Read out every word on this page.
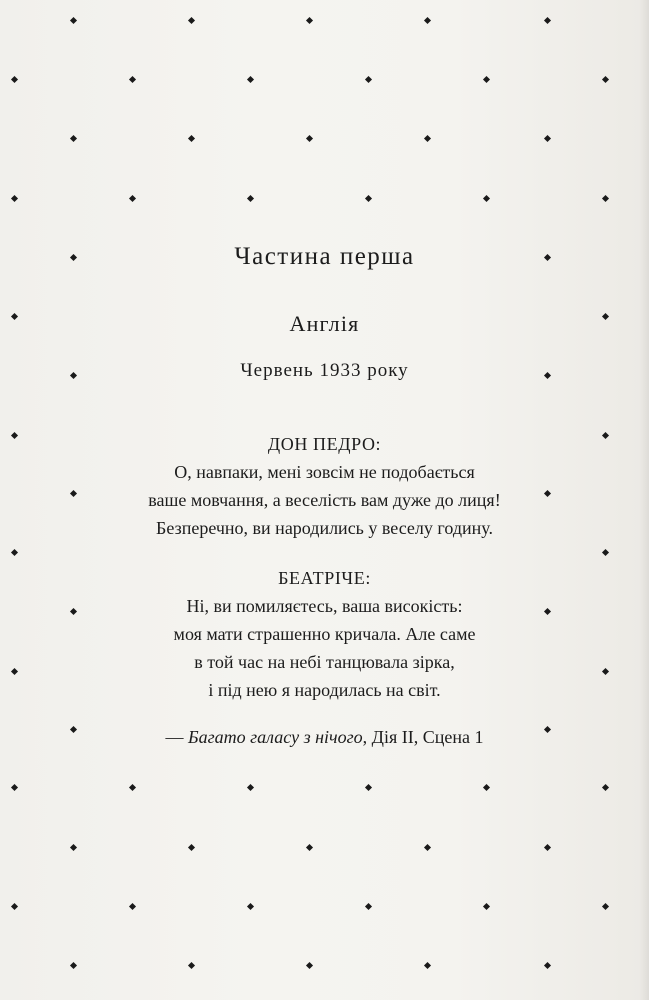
Частина перша
Англія

Червень 1933 року

ДОН ПЕДРО:

О, навпаки, мені зовсім не подобається

ваше мовчання, а веселість вам дуже до лиця!

Безперечно, ви народились у веселу годину.

БЕАТРІЧЕ:

Ні, ви помиляєтесь, ваша високість:

моя мати страшенно кричала. Але саме

в той час на небі танцювала зірка,

і під нею я народилась на світ.

— Багато галасу з нічого, Дія II, Сцена 1
